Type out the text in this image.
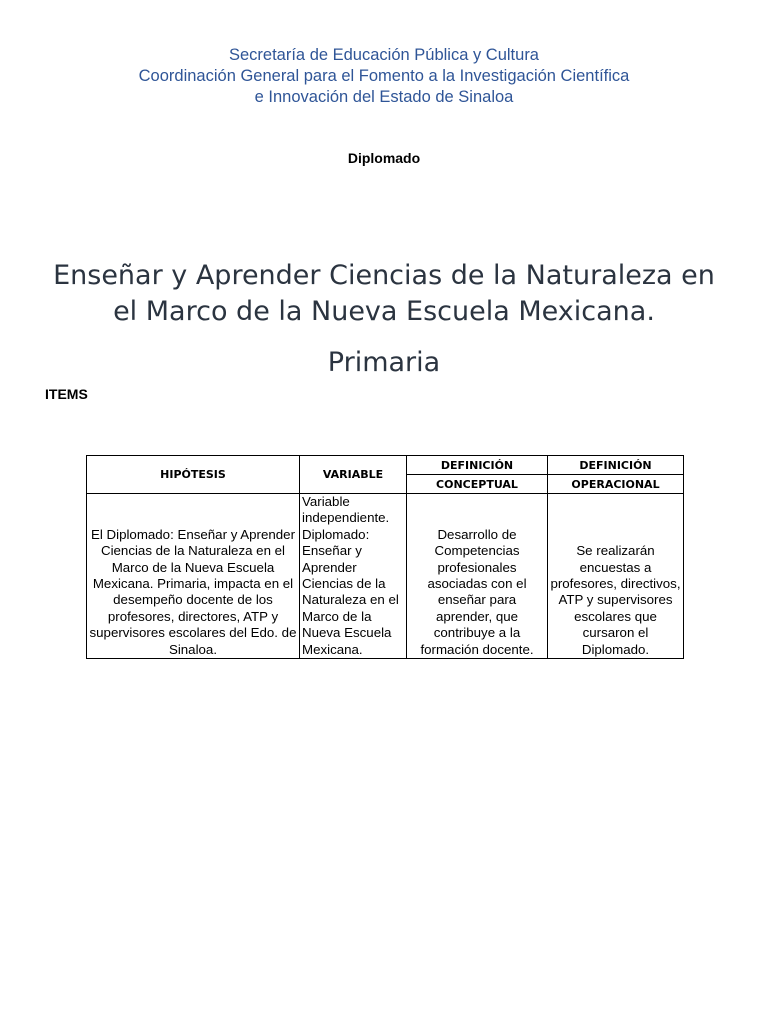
Secretaría de Educación Pública y Cultura
Coordinación General para el Fomento a la Investigación Científica
e Innovación del Estado de Sinaloa
Diplomado
Enseñar y Aprender Ciencias de la Naturaleza en
el Marco de la Nueva Escuela Mexicana.
Primaria
ITEMS
HIPÓTESIS	VARIABLE	DEFINICIÓN	DEFINICIÓN
		CONCEPTUAL	OPERACIONAL
El Diplomado: Enseñar y Aprender Ciencias de la Naturaleza en el Marco de la Nueva Escuela Mexicana. Primaria, impacta en el desempeño docente de los profesores, directores, ATP y supervisores escolares del Edo. de Sinaloa.	Variable independiente. Diplomado: Enseñar y Aprender Ciencias de la Naturaleza en el Marco de la Nueva Escuela Mexicana.	Desarrollo de Competencias profesionales asociadas con el enseñar para aprender, que contribuye a la formación docente.	Se realizarán encuestas a profesores, directivos, ATP y supervisores escolares que cursaron el Diplomado.
